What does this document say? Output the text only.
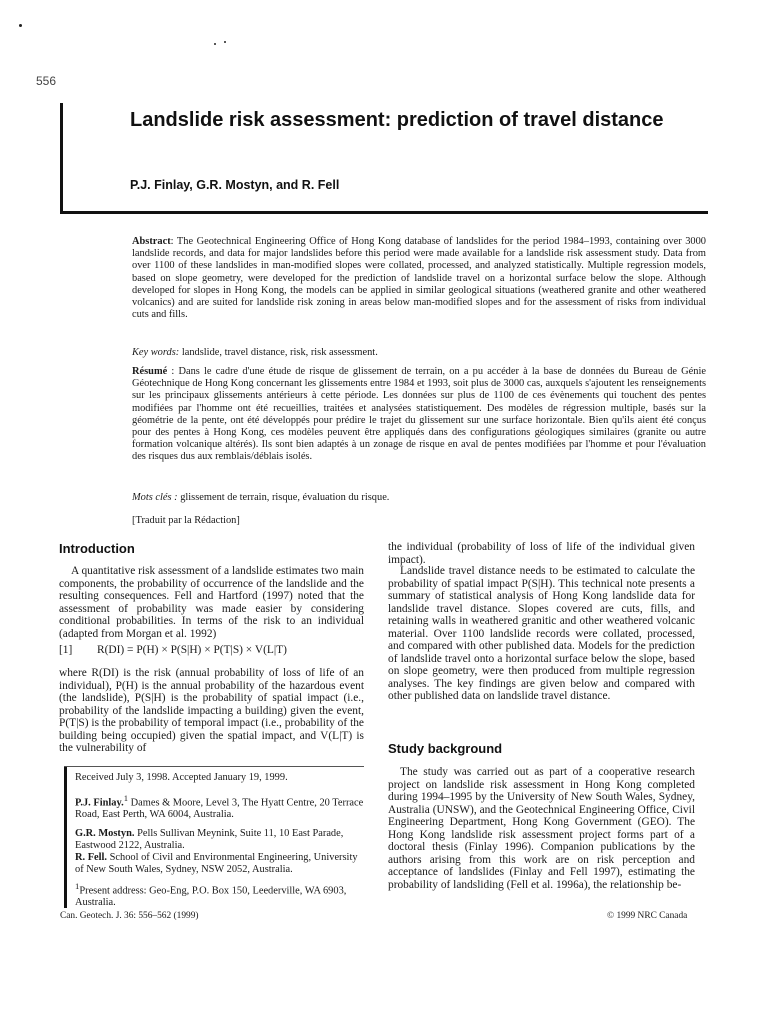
556
Landslide risk assessment: prediction of travel distance
P.J. Finlay, G.R. Mostyn, and R. Fell

Abstract: The Geotechnical Engineering Office of Hong Kong database of landslides for the period 1984–1993, containing over 3000 landslide records, and data for major landslides before this period were made available for a landslide risk assessment study. Data from over 1100 of these landslides in man-modified slopes were collated, processed, and analyzed statistically. Multiple regression models, based on slope geometry, were developed for the prediction of landslide travel on a horizontal surface below the slope. Although developed for slopes in Hong Kong, the models can be applied in similar geological situations (weathered granite and other weathered volcanics) and are suited for landslide risk zoning in areas below man-modified slopes and for the assessment of risks from individual cuts and fills.

Key words: landslide, travel distance, risk, risk assessment.

Résumé : Dans le cadre d'une étude de risque de glissement de terrain, on a pu accéder à la base de données du Bureau de Génie Géotechnique de Hong Kong concernant les glissements entre 1984 et 1993, soit plus de 3000 cas, auxquels s'ajoutent les renseignements sur les principaux glissements antérieurs à cette période. Les données sur plus de 1100 de ces évènements qui touchent des pentes modifiées par l'homme ont été recueillies, traitées et analysées statistiquement. Des modèles de régression multiple, basés sur la géométrie de la pente, ont été développés pour prédire le trajet du glissement sur une surface horizontale. Bien qu'ils aient été conçus pour des pentes à Hong Kong, ces modèles peuvent être appliqués dans des configurations géologiques similaires (granite ou autre formation volcanique altérés). Ils sont bien adaptés à un zonage de risque en aval de pentes modifiées par l'homme et pour l'évaluation des risques dus aux remblais/déblais isolés.

Mots clés : glissement de terrain, risque, évaluation du risque.
[Traduit par la Rédaction]
Introduction

A quantitative risk assessment of a landslide estimates two main components, the probability of occurrence of the landslide and the resulting consequences. Fell and Hartford (1997) noted that the assessment of probability was made easier by considering conditional probabilities. In terms of the risk to an individual (adapted from Morgan et al. 1992)

[1] R(DI) = P(H) × P(S|H) × P(T|S) × V(L|T)

where R(DI) is the risk (annual probability of loss of life of an individual), P(H) is the annual probability of the hazardous event (the landslide), P(S|H) is the probability of spatial impact (i.e., probability of the landslide impacting a building) given the event, P(T|S) is the probability of temporal impact (i.e., probability of the building being occupied) given the spatial impact, and V(L|T) is the vulnerability of

Received July 3, 1998. Accepted January 19, 1999.

P.J. Finlay.$^1$ Dames & Moore, Level 3, The Hyatt Centre, 20 Terrace Road, East Perth, WA 6004, Australia.

G.R. Mostyn. Pells Sullivan Meynink, Suite 11, 10 East Parade, Eastwood 2122, Australia.

R. Fell. School of Civil and Environmental Engineering, University of New South Wales, Sydney, NSW 2052, Australia.

$^1$Present address: Geo-Eng, P.O. Box 150, Leederville, WA 6903, Australia.

the individual (probability of loss of life of the individual given impact).

Landslide travel distance needs to be estimated to calculate the probability of spatial impact P(S|H). This technical note presents a summary of statistical analysis of Hong Kong landslide data for landslide travel distance. Slopes covered are cuts, fills, and retaining walls in weathered granitic and other weathered volcanic material. Over 1100 landslide records were collated, processed, and compared with other published data. Models for the prediction of landslide travel onto a horizontal surface below the slope, based on slope geometry, were then produced from multiple regression analyses. The key findings are given below and compared with other published data on landslide travel distance.

Study background

The study was carried out as part of a cooperative research project on landslide risk assessment in Hong Kong completed during 1994–1995 by the University of New South Wales, Sydney, Australia (UNSW), and the Geotechnical Engineering Office, Civil Engineering Department, Hong Kong Government (GEO). The Hong Kong landslide risk assessment project forms part of a doctoral thesis (Finlay 1996). Companion publications by the authors arising from this work are on risk perception and acceptance of landslides (Finlay and Fell 1997), estimating the probability of landsliding (Fell et al. 1996a), the relationship be-

Can. Geotech. J. 36: 556–562 (1999)	© 1999 NRC Canada
